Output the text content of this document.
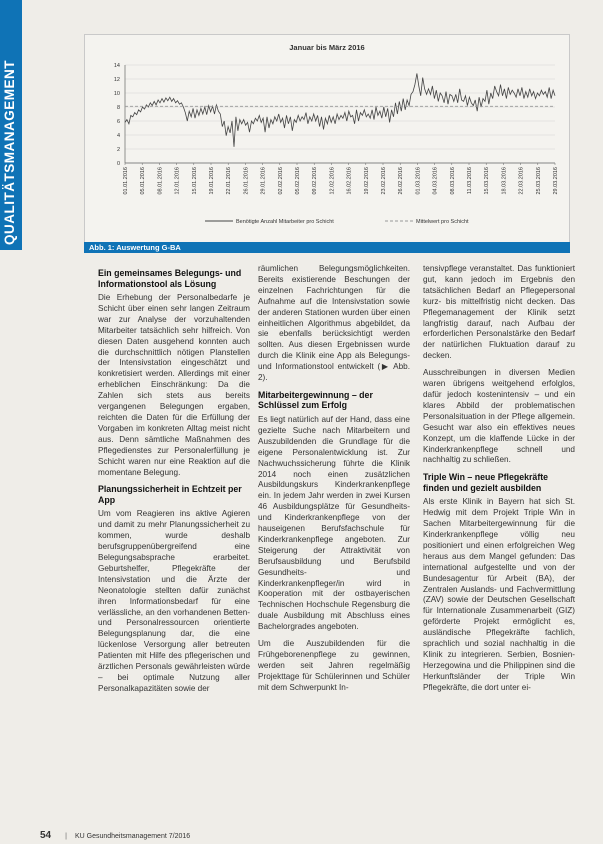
QUALITÄTSMANAGEMENT
Januar bis März 2016
0
2
4
6
8
10
12
14
01.01.2016 05.01.2016 08.01.2016 12.01.2016 15.01.2016 19.01.2016 22.01.2016 26.01.2016 29.01.2016 02.02.2016 05.02.2016 09.02.2016 12.02.2016 16.02.2016 19.02.2016 23.02.2016 26.02.2016 01.03.2016 04.03.2016 08.03.2016 11.03.2016 15.03.2016 18.03.2016 22.03.2016 25.03.2016 29.03.2016
Benötigte Anzahl Mitarbeiter pro Schicht	Mittelwert pro Schicht
Abb. 1: Auswertung G-BA
Ein gemeinsames Belegungs- und Informationstool als Lösung

Die Erhebung der Personalbedarfe je Schicht über einen sehr langen Zeitraum war zur Analyse der vorzuhaltenden Mitarbeiter tatsächlich sehr hilfreich. Von diesen Daten ausgehend konnten auch die durchschnittlich nötigen Planstellen der Intensivstation eingeschätzt und konkretisiert werden. Allerdings mit einer erheblichen Einschränkung: Da die Zahlen sich stets aus bereits vergangenen Belegungen ergaben, reichten die Daten für die Erfüllung der Vorgaben im konkreten Alltag meist nicht aus. Denn sämtliche Maßnahmen des Pflegedienstes zur Personalerfüllung je Schicht waren nur eine Reaktion auf die momentane Belegung.

Planungssicherheit in Echtzeit per App

Um vom Reagieren ins aktive Agieren und damit zu mehr Planungssicherheit zu kommen, wurde deshalb berufsgruppenübergreifend eine Belegungsabsprache erarbeitet. Geburtshelfer, Pflegekräfte der Intensivstation und die Ärzte der Neonatologie stellten dafür zunächst ihren Informationsbedarf für eine verlässliche, an den vorhandenen Betten- und Personalressourcen orientierte Belegungsplanung dar, die eine lückenlose Versorgung aller betreuten Patienten mit Hilfe des pflegerischen und ärztlichen Personals gewährleisten würde – bei optimale Nutzung aller Personalkapazitäten sowie der

räumlichen Belegungsmöglichkeiten. Bereits existierende Beschungen der einzelnen Fachrichtungen für die Aufnahme auf die Intensivstation sowie der anderen Stationen wurden über einen einheitlichen Algorithmus abgebildet, da sie ebenfalls berücksichtigt werden sollten. Aus diesen Ergebnissen wurde durch die Klinik eine App als Belegungs- und Informationstool entwickelt (▶ Abb. 2).

Mitarbeitergewinnung – der Schlüssel zum Erfolg

Es liegt natürlich auf der Hand, dass eine gezielte Suche nach Mitarbeitern und Auszubildenden die Grundlage für die eigene Personalentwicklung ist. Zur Nachwuchssicherung führte die Klinik 2014 noch einen zusätzlichen Ausbildungskurs Kinderkrankenpflege ein. In jedem Jahr werden in zwei Kursen 46 Ausbildungsplätze für Gesundheits- und Kinderkrankenpflege von der hauseigenen Berufsfachschule für Kinderkrankenpflege angeboten. Zur Steigerung der Attraktivität von Berufsausbildung und Berufsbild Gesundheits- und Kinderkrankenpfleger/in wird in Kooperation mit der ostbayerischen Technischen Hochschule Regensburg die duale Ausbildung mit Abschluss eines Bachelorgrades angeboten.

Um die Auszubildenden für die Frühgeborenenpflege zu gewinnen, werden seit Jahren regelmäßig Projekttage für Schülerinnen und Schüler mit dem Schwerpunkt In-

tensivpflege veranstaltet. Das funktioniert gut, kann jedoch im Ergebnis den tatsächlichen Bedarf an Pflegepersonal kurz- bis mittelfristig nicht decken. Das Pflegemanagement der Klinik setzt langfristig darauf, nach Aufbau der erforderlichen Personalstärke den Bedarf der natürlichen Fluktuation darauf zu decken.

Ausschreibungen in diversen Medien waren übrigens weitgehend erfolglos, dafür jedoch kostenintensiv – und ein klares Abbild der problematischen Personalsituation in der Pflege allgemein. Gesucht war also ein effektives neues Konzept, um die klaffende Lücke in der Kinderkrankenpflege schnell und nachhaltig zu schließen.

Triple Win – neue Pflegekräfte finden und gezielt ausbilden

Als erste Klinik in Bayern hat sich St. Hedwig mit dem Projekt Triple Win in Sachen Mitarbeitergewinnung für die Kinderkrankenpflege völlig neu positioniert und einen erfolgreichen Weg heraus aus dem Mangel gefunden: Das internation​al aufgestellte und von der Bundesagentur für Arbeit (BA), der Zentralen Auslands- und Fachvermittlung (ZAV) sowie der Deutschen Gesellschaft für Internationale Zusammenarbeit (GIZ) geförderte Projekt ermöglicht es, ausländische Pflegekräfte fachlich, sprachlich und sozial nachhaltig in die Klinik zu integrieren. Serbien, Bosnien-Herzegowina und die Philippinen sind die Herkunftsländer der Triple Win Pflegekräfte, die dort unter ei-

54 | KU Gesundheitsmanagement 7/2016
